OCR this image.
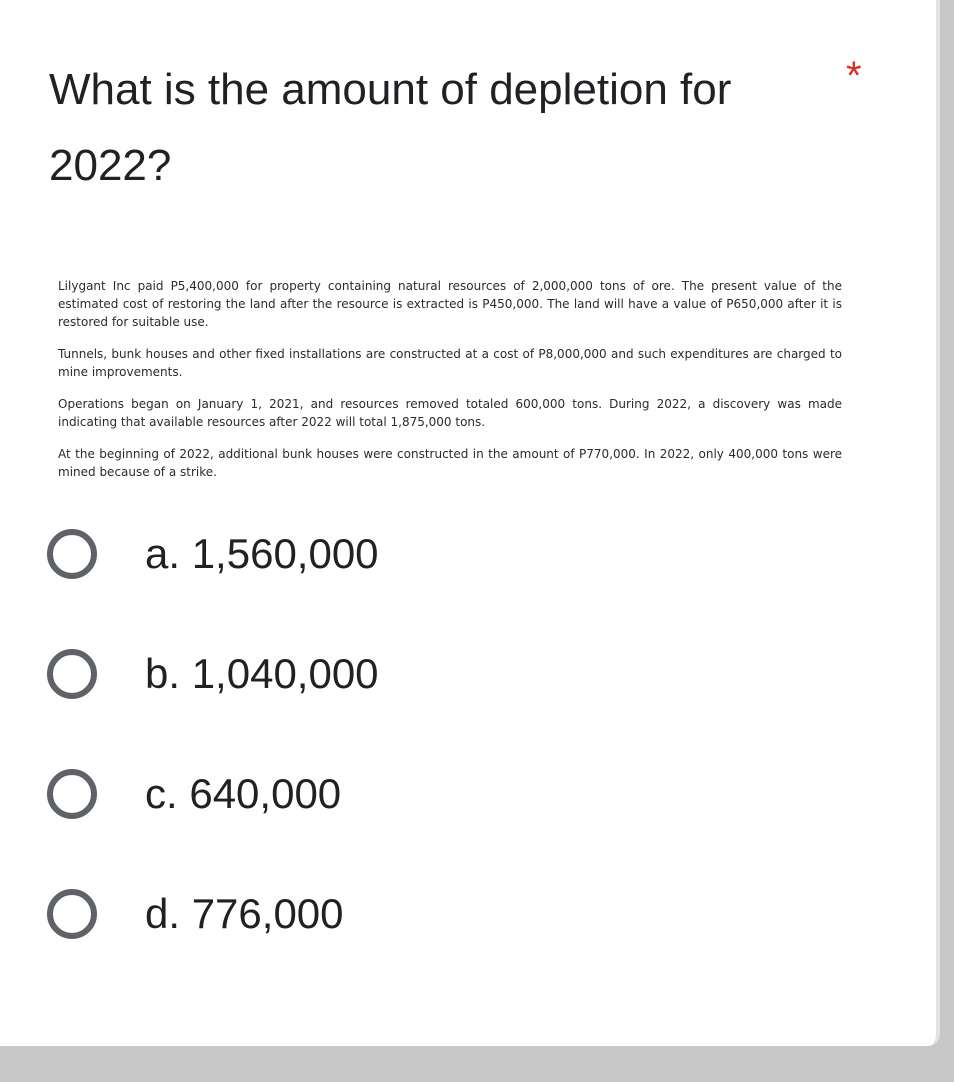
What is the amount of depletion for 2022?
*

Lilygant Inc paid P5,400,000 for property containing natural resources of 2,000,000 tons of ore. The present value of the estimated cost of restoring the land after the resource is extracted is P450,000. The land will have a value of P650,000 after it is restored for suitable use.

Tunnels, bunk houses and other fixed installations are constructed at a cost of P8,000,000 and such expenditures are charged to mine improvements.

Operations began on January 1, 2021, and resources removed totaled 600,000 tons. During 2022, a discovery was made indicating that available resources after 2022 will total 1,875,000 tons.

At the beginning of 2022, additional bunk houses were constructed in the amount of P770,000. In 2022, only 400,000 tons were mined because of a strike.

a. 1,560,000
b. 1,040,000
c. 640,000
d. 776,000
